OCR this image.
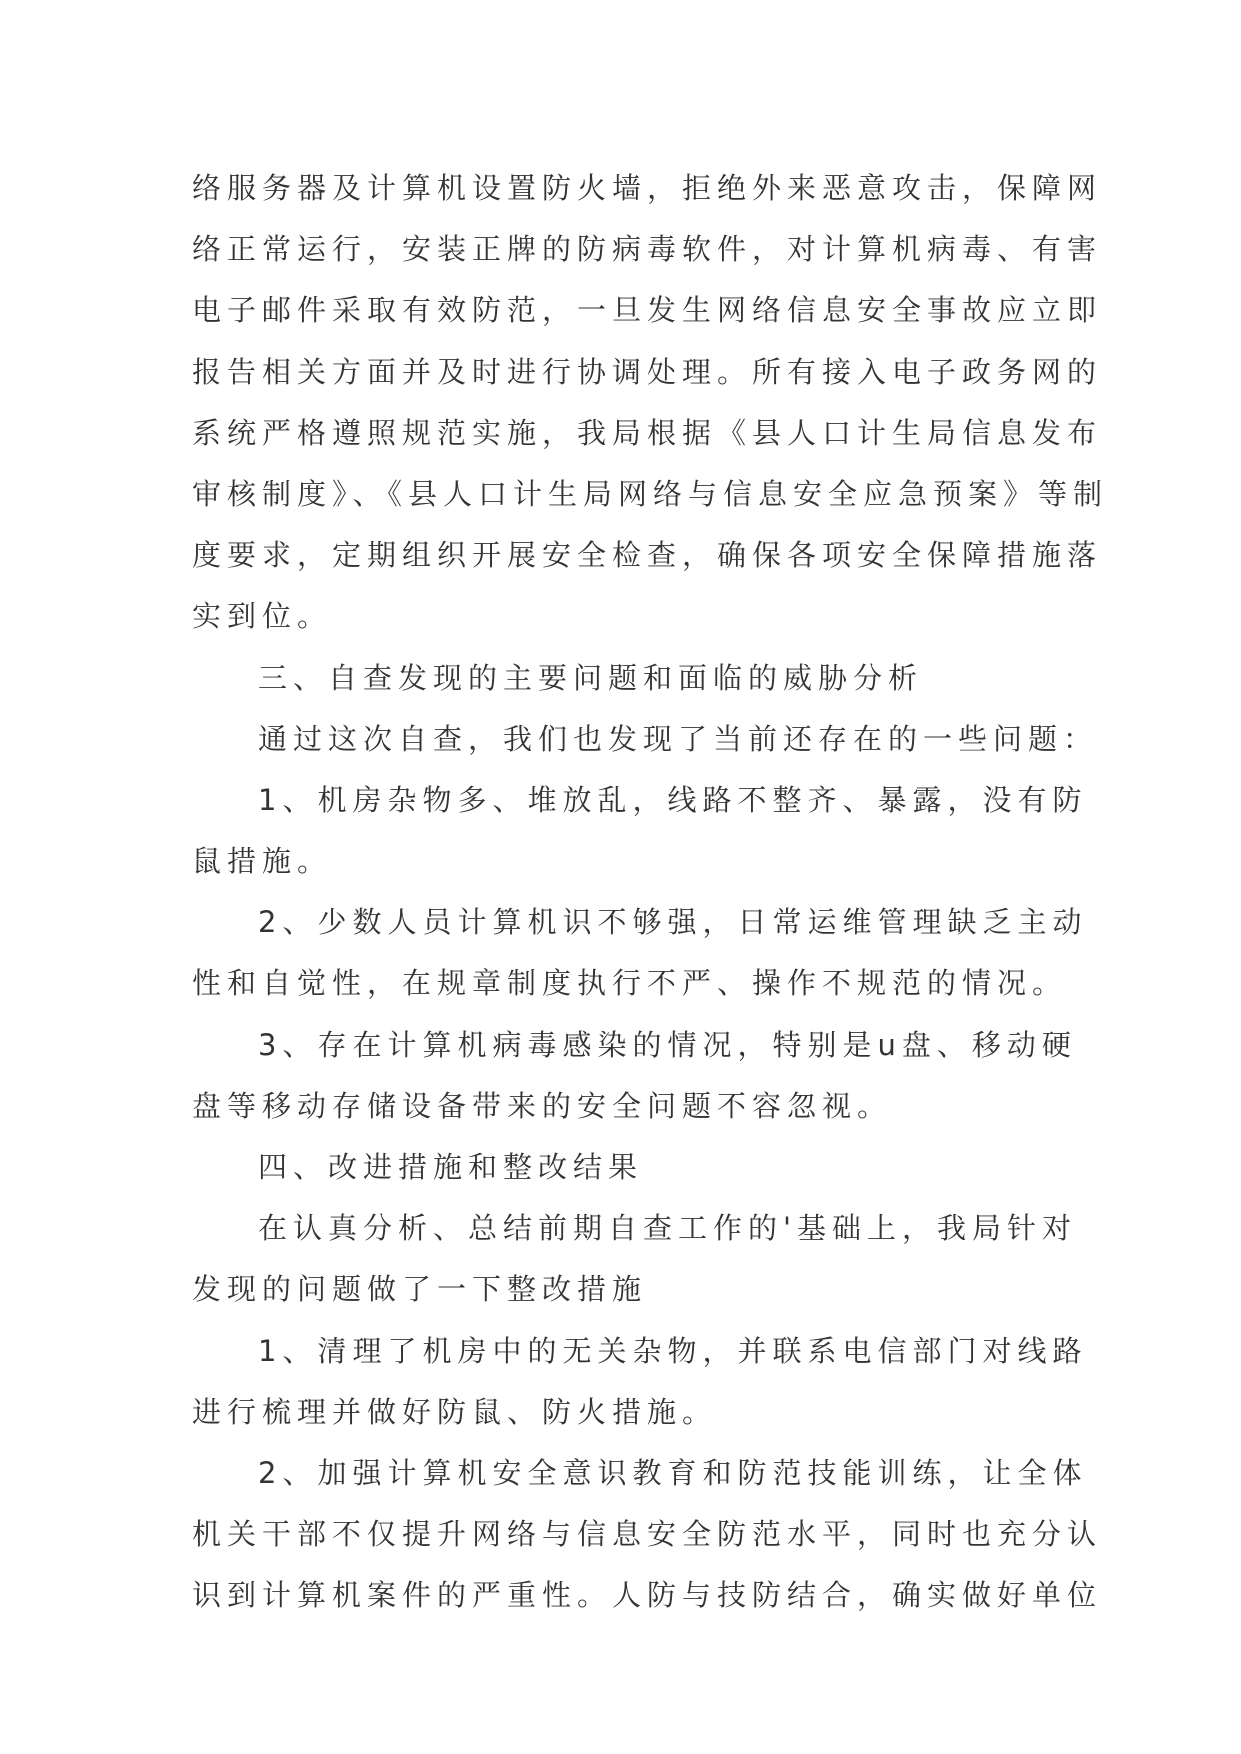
络服务器及计算机设置防火墙，拒绝外来恶意攻击，保障网
络正常运行，安装正牌的防病毒软件，对计算机病毒、有害
电子邮件采取有效防范，一旦发生网络信息安全事故应立即
报告相关方面并及时进行协调处理。所有接入电子政务网的
系统严格遵照规范实施，我局根据《县人口计生局信息发布
审核制度》、《县人口计生局网络与信息安全应急预案》等制
度要求，定期组织开展安全检查，确保各项安全保障措施落
实到位。
三、自查发现的主要问题和面临的威胁分析
通过这次自查，我们也发现了当前还存在的一些问题：
1、机房杂物多、堆放乱，线路不整齐、暴露，没有防
鼠措施。
2、少数人员计算机识不够强，日常运维管理缺乏主动
性和自觉性，在规章制度执行不严、操作不规范的情况。
3、存在计算机病毒感染的情况，特别是u盘、移动硬
盘等移动存储设备带来的安全问题不容忽视。
四、改进措施和整改结果
在认真分析、总结前期自查工作的'基础上，我局针对
发现的问题做了一下整改措施
1、清理了机房中的无关杂物，并联系电信部门对线路
进行梳理并做好防鼠、防火措施。
2、加强计算机安全意识教育和防范技能训练，让全体
机关干部不仅提升网络与信息安全防范水平，同时也充分认
识到计算机案件的严重性。人防与技防结合，确实做好单位
